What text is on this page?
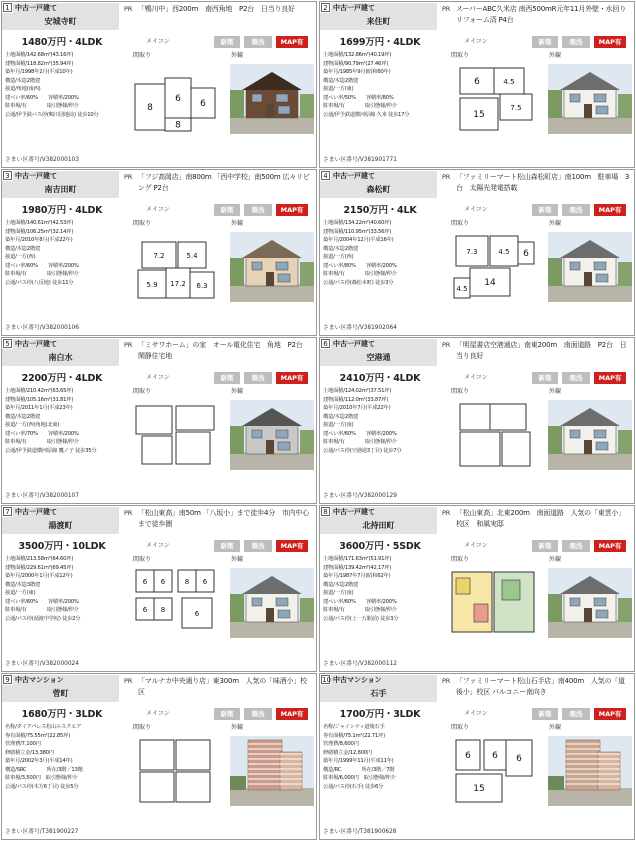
1 中古一戸建て
安城寺町
PR 「鴨川中」西200m　南西角地　P2台　日当り良好
1480万円・4LDK	メイコン	新築	築浅	MAP有
土地面積/142.68m²(43.16坪)
建物面積/118.82m²(35.94坪)
築年月/1998年2月(平成10年)
構造/木造2階建
接道/角地(南西)
建ぺい率/60%　　容積率/200%
駐車場/有　　　　取引態様/仲介
公通/伊予鉄バス停(鴨川団地前) 徒歩10分
間取り	外観
8
6 6
8
さまい区番号/V382000103
2 中古一戸建て
来住町
PR スーパーABC久米店 南西500mR元年11月外壁・水回りリフォーム済 P4台
1699万円・4LDK	メイコン	新築	築浅	MAP有
土地面積/132.86m²(40.19坪)
建物面積/90.79m²(27.46坪)
築年月/1985年9月(昭和60年)
構造/木造2階建
接道/一方(東)
建ぺい率/50%　　容積率/80%
駐車場/有　　　　取引態様/仲介
公通/伊予鉄道横河原線 久米 徒歩17分
間取り	外観
6	4.5
7.5
15
さまい区番号/V381901771
3 中古一戸建て
南吉田町
PR 「フジ高岡店」南800m 「西中学校」南500m 広々リビング P2台
1980万円・4LDK	メイコン	新築	築浅	MAP有
土地面積/140.61m²(42.53坪)
建物面積/106.25m²(32.14坪)
築年月/2010年8月(平成22年)
構造/木造2階建
接道/一方(西)
建ぺい率/60%　　容積率/200%
駐車場/有　　　　取引態様/仲介
公通/バス停(八反地) 徒歩11分
間取り	外観
7.2	5.4
5.9 17.2 6.3
さまい区番号/V382000106
4 中古一戸建て
森松町
PR 「ファミリーマート松山森松町店」南100m　駐車場　3台　太陽光発電搭載
2150万円・4LK	メイコン	新築	築浅	MAP有
土地面積/134.22m²(40.60坪)
建物面積/110.95m²(33.56坪)
築年月/2004年12月(平成16年)
構造/木造2階建
接道/一方(西)
建ぺい率/80%　　容積率/200%
駐車場/有　　　　取引態様/仲介
公通/バス停(森松本町) 徒歩3分
間取り	外観
7.3	4.5 6
14
4.5
さまい区番号/V381902064
5 中古一戸建て
南白水
PR 「ミサワホーム」の家　オール電化住宅　角地　P2台　閑静住宅地
2200万円・4LDK	メイコン	新築	築浅	MAP有
土地面積/210.42m²(63.65坪)
建物面積/105.16m²(31.81坪)
築年月/2011年1月(平成23年)
構造/木造2階建
接道/一方(西)角地(北東)
建ぺい率/70%　　容積率/200%
駐車場/有　　　　取引態様/仲介
公通/伊予鉄道横河原線 鷹ノ子 徒歩35分
間取り	外観
さまい区番号/V382000107
6 中古一戸建て
空港通
PR 「明屋書店空港通店」南東200m　南面道路　P2台　日当り良好
2410万円・4LDK	メイコン	新築	築浅	MAP有
土地面積/124.02m²(37.51坪)
建物面積/112.0m²(33.87坪)
築年月/2010年7月(平成22年)
構造/木造2階建
接道/一方(南)
建ぺい率/60%　　容積率/200%
駐車場/有　　　　取引態様/仲介
公通/バス停(空港通3丁目) 徒歩7分
間取り	外観
さまい区番号/V382000129
7 中古一戸建て
湯渡町
PR 「松山東高」南50m 「八坂小」まで徒歩4分　市内中心まで徒歩圏
3500万円・10LDK	メイコン	新築	築浅	MAP有
土地面積/213.58m²(64.60坪)
建物面積/229.61m²(69.45坪)
築年月/2000年1月(平成12年)
構造/木造3階建
接道/一方(東)
建ぺい率/60%　　容積率/200%
駐車場/有　　　　取引態様/仲介
公通/バス停(湯渡中学校) 徒歩2分
間取り	外観
6 6	8 6
6 8	6
さまい区番号/V382000024
8 中古一戸建て
北持田町
PR 「松山東高」北東200m　南面道路　人気の「東雲小」校区　和風実邸
3600万円・5SDK	メイコン	新築	築浅	MAP有
土地面積/171.63m²(51.91坪)
建物面積/139.42m²(42.17坪)
築年月/1987年7月(昭和62年)
構造/木造2階建
接道/一方(南)
建ぺい率/60%　　容積率/200%
駐車場/有　　　　取引態様/仲介
公通/バス停(上一万駅前) 徒歩3分
間取り	外観
さまい区番号/V382000112
9 中古マンション
菅町
PR 「マルナカ中央通り店」東300m　人気の「味酒小」校区
1680万円・3LDK	メイコン	新築	築浅	MAP有
名称/ダイアパレス松山ルスクエア
専有面積/75.55m²(22.85坪)
管理費/7,100円
修繕積立金/13,380円
築年月/2002年3月(平成14年)
構造/SRC　　　　所在/3階／13階
駐車場/3,500円　取引態様/仲介
公通/バス停(木方6丁目) 徒歩5分
間取り	外観
さまい区番号/T381900227
10 中古マンション
石手
PR 「ファミリーマート松山石手店」南400m　人気の「道後小」校区 バルコニー南向き
1700万円・3LDK	メイコン	新築	築浅	MAP有
名称/ジャイシティ道後石手
専有面積/75.1m²(22.71坪)
管理費/8,600円
修繕積立金/12,800円
築年月/1999年11月(平成11年)
構造/RC　　　　所在/3階／7階
駐車場/6,000円　取引態様/仲介
公通/バス停(石手) 徒歩6分
間取り	外観
6 6 6
15
さまい区番号/T381900628
